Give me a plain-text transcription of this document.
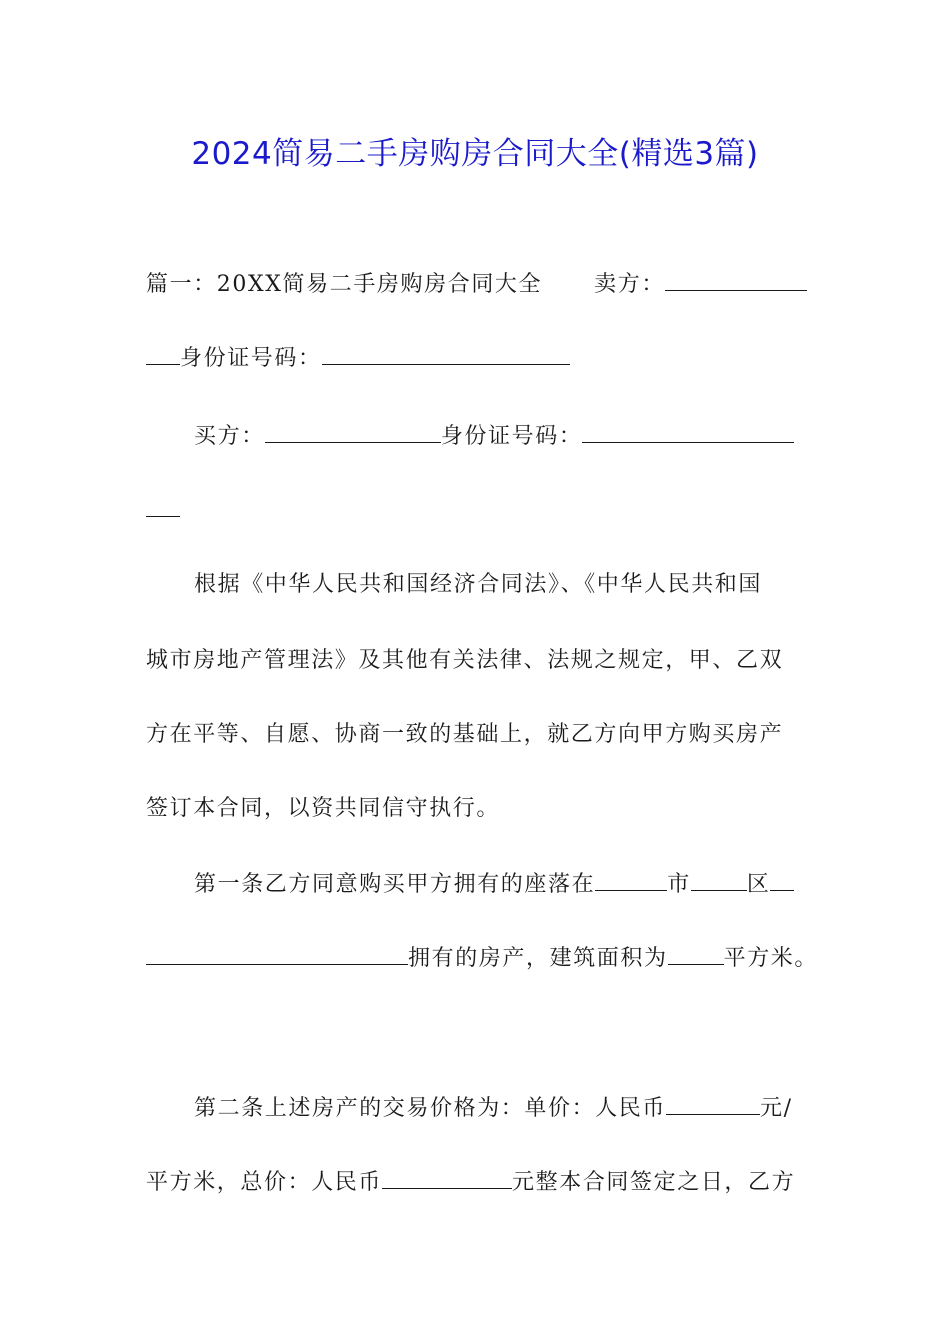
2024简易二手房购房合同大全(精选3篇)
篇一：20XX简易二手房购房合同大全 卖方：
身份证号码：
买方：	身份证号码：
根据《中华人民共和国经济合同法》、《中华人民共和国
城市房地产管理法》及其他有关法律、法规之规定，甲、乙双
方在平等、自愿、协商一致的基础上，就乙方向甲方购买房产
签订本合同，以资共同信守执行。
第一条乙方同意购买甲方拥有的座落在	市	区
拥有的房产，建筑面积为	平方米。
第二条上述房产的交易价格为：单价：人民币	元/
平方米，总价：人民币	元整本合同签定之日，乙方
